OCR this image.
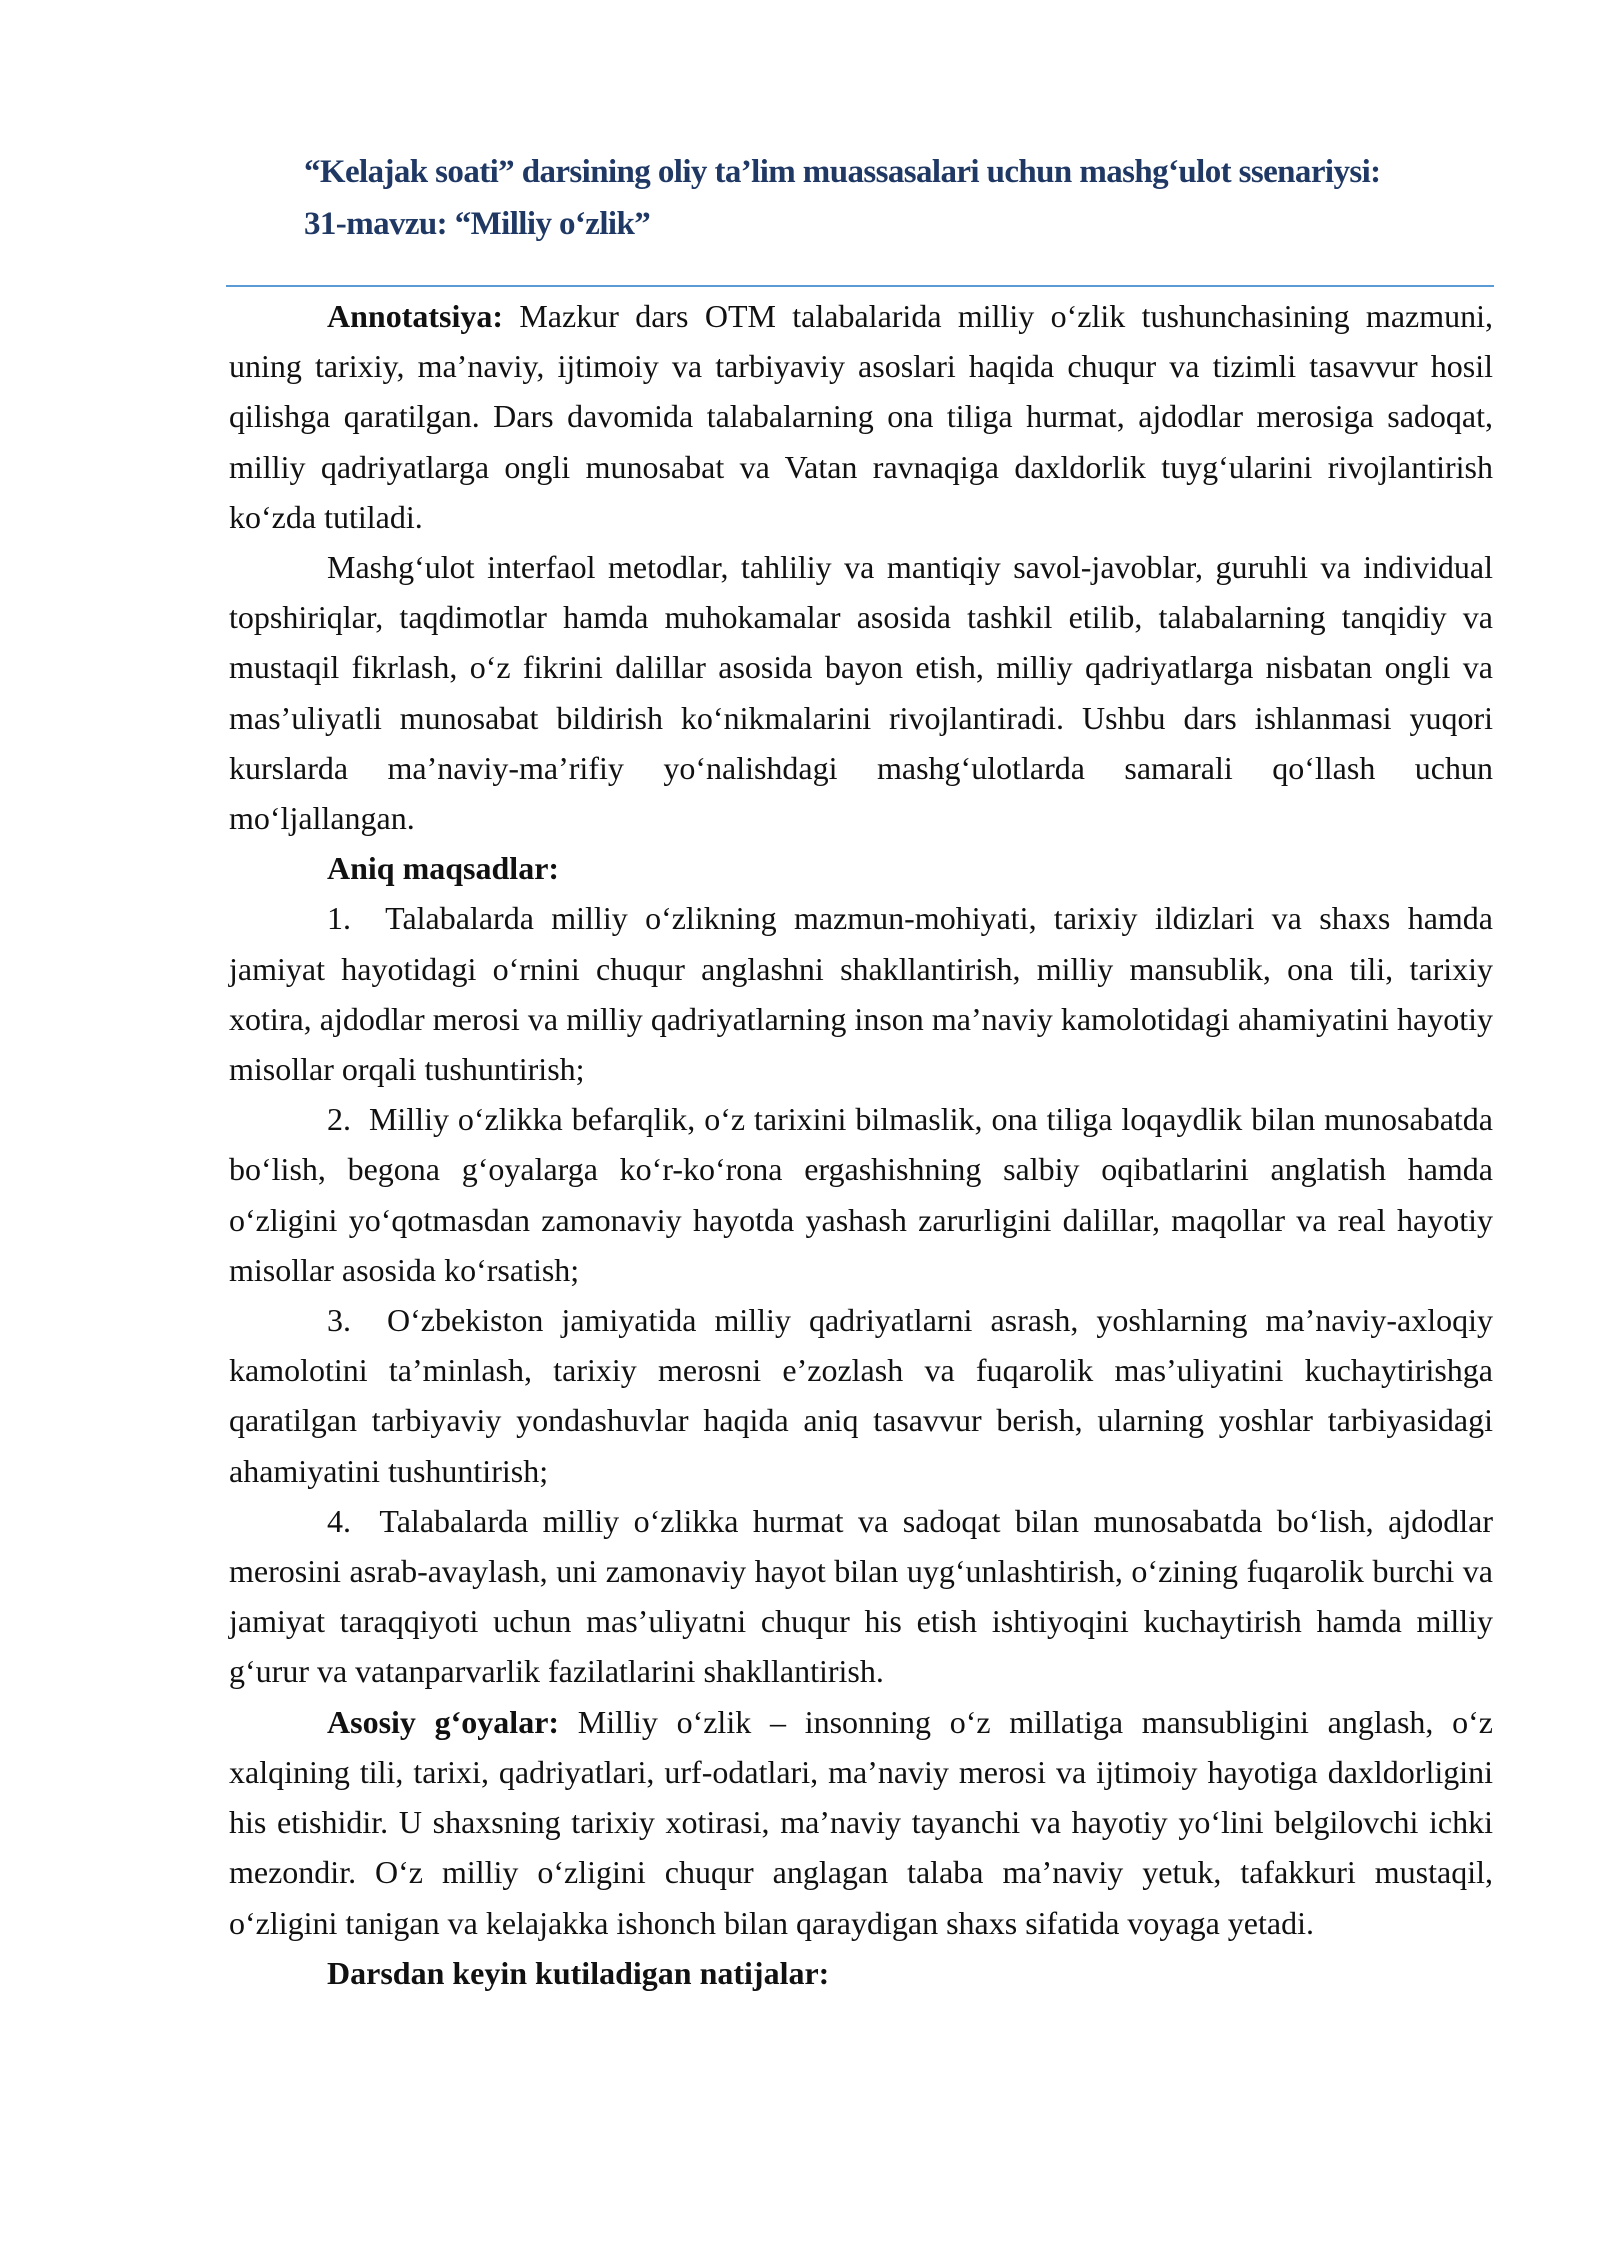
“Kelajak soati” darsining oliy ta’lim muassasalari uchun mashg‘ulot ssenariysi:
31-mavzu: “Milliy o‘zlik”

Annotatsiya: Mazkur dars OTM talabalarida milliy o‘zlik tushunchasining mazmuni, uning tarixiy, ma’naviy, ijtimoiy va tarbiyaviy asoslari haqida chuqur va tizimli tasavvur hosil qilishga qaratilgan. Dars davomida talabalarning ona tiliga hurmat, ajdodlar merosiga sadoqat, milliy qadriyatlarga ongli munosabat va Vatan ravnaqiga daxldorlik tuyg‘ularini rivojlantirish ko‘zda tutiladi.

Mashg‘ulot interfaol metodlar, tahliliy va mantiqiy savol-javoblar, guruhli va individual topshiriqlar, taqdimotlar hamda muhokamalar asosida tashkil etilib, talabalarning tanqidiy va mustaqil fikrlash, o‘z fikrini dalillar asosida bayon etish, milliy qadriyatlarga nisbatan ongli va mas’uliyatli munosabat bildirish ko‘nikmalarini rivojlantiradi. Ushbu dars ishlanmasi yuqori kurslarda ma’naviy-ma’rifiy yo‘nalishdagi mashg‘ulotlarda samarali qo‘llash uchun mo‘ljallangan.

Aniq maqsadlar:

1. Talabalarda milliy o‘zlikning mazmun-mohiyati, tarixiy ildizlari va shaxs hamda jamiyat hayotidagi o‘rnini chuqur anglashni shakllantirish, milliy mansublik, ona tili, tarixiy xotira, ajdodlar merosi va milliy qadriyatlarning inson ma’naviy kamolotidagi ahamiyatini hayotiy misollar orqali tushuntirish;

2. Milliy o‘zlikka befarqlik, o‘z tarixini bilmaslik, ona tiliga loqaydlik bilan munosabatda bo‘lish, begona g‘oyalarga ko‘r-ko‘rona ergashishning salbiy oqibatlarini anglatish hamda o‘zligini yo‘qotmasdan zamonaviy hayotda yashash zarurligini dalillar, maqollar va real hayotiy misollar asosida ko‘rsatish;

3. O‘zbekiston jamiyatida milliy qadriyatlarni asrash, yoshlarning ma’naviy-axloqiy kamolotini ta’minlash, tarixiy merosni e’zozlash va fuqarolik mas’uliyatini kuchaytirishga qaratilgan tarbiyaviy yondashuvlar haqida aniq tasavvur berish, ularning yoshlar tarbiyasidagi ahamiyatini tushuntirish;

4. Talabalarda milliy o‘zlikka hurmat va sadoqat bilan munosabatda bo‘lish, ajdodlar merosini asrab-avaylash, uni zamonaviy hayot bilan uyg‘unlashtirish, o‘zining fuqarolik burchi va jamiyat taraqqiyoti uchun mas’uliyatni chuqur his etish ishtiyoqini kuchaytirish hamda milliy g‘urur va vatanparvarlik fazilatlarini shakllantirish.

Asosiy g‘oyalar: Milliy o‘zlik – insonning o‘z millatiga mansubligini anglash, o‘z xalqining tili, tarixi, qadriyatlari, urf-odatlari, ma’naviy merosi va ijtimoiy hayotiga daxldorligini his etishidir. U shaxsning tarixiy xotirasi, ma’naviy tayanchi va hayotiy yo‘lini belgilovchi ichki mezondir. O‘z milliy o‘zligini chuqur anglagan talaba ma’naviy yetuk, tafakkuri mustaqil, o‘zligini tanigan va kelajakka ishonch bilan qaraydigan shaxs sifatida voyaga yetadi.

Darsdan keyin kutiladigan natijalar:
